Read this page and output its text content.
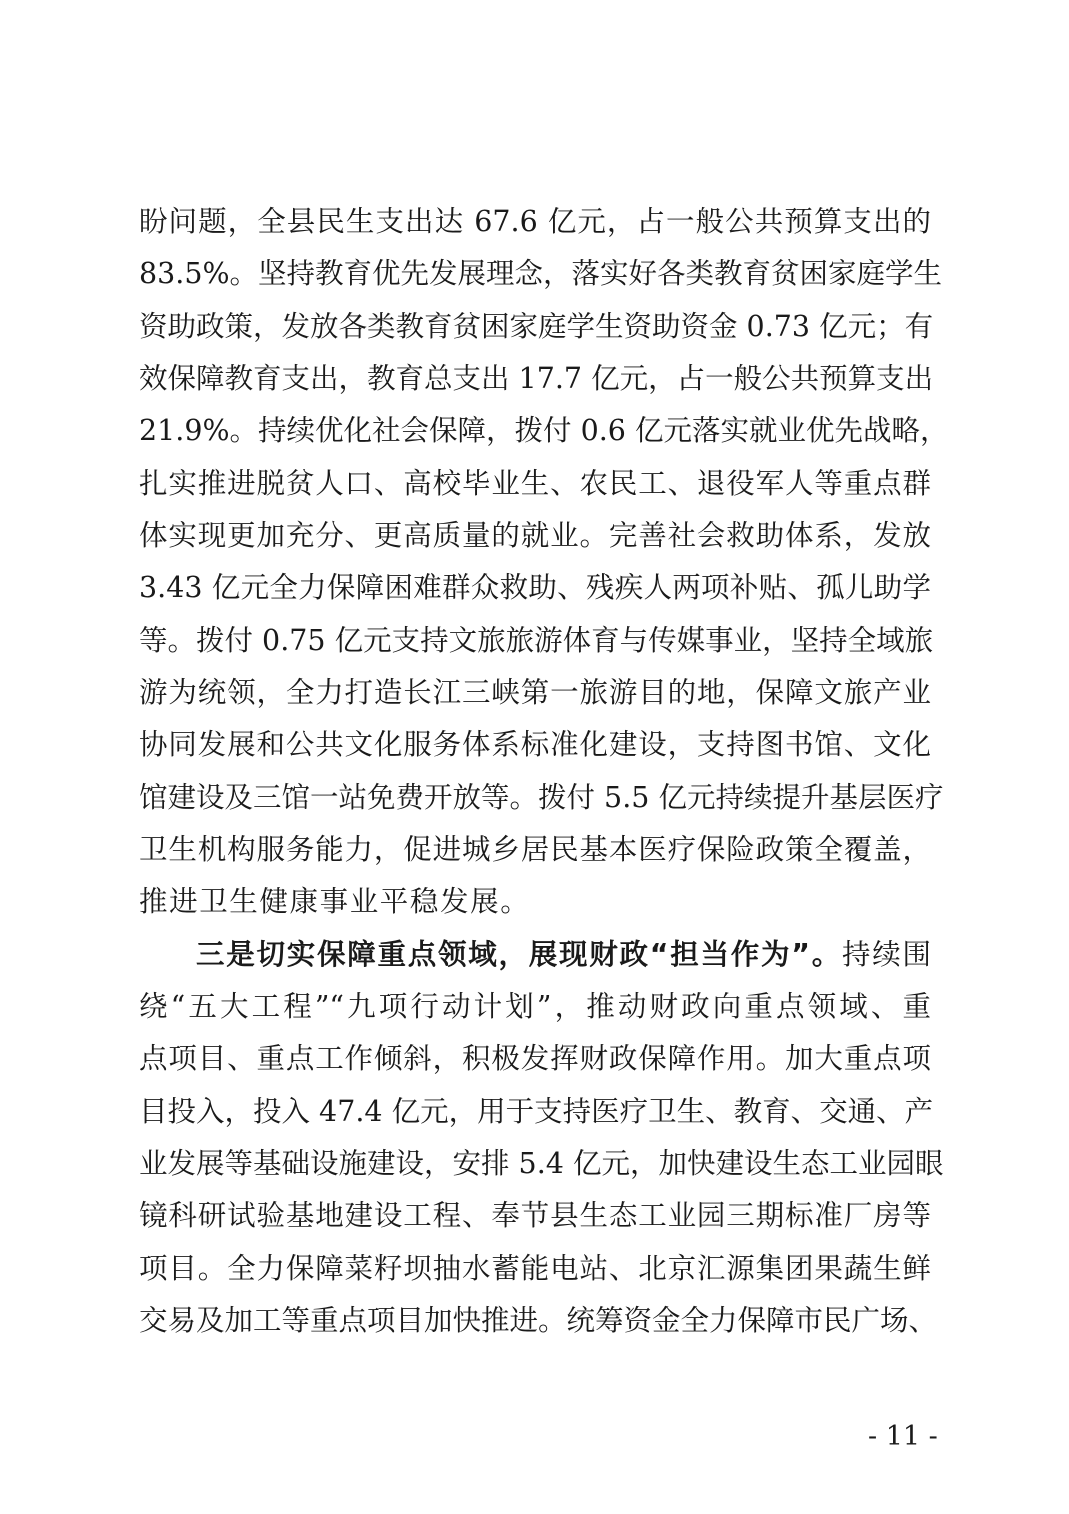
盼问题，全县民生支出达 67.6 亿元，占一般公共预算支出的
83.5%。坚持教育优先发展理念，落实好各类教育贫困家庭学生
资助政策，发放各类教育贫困家庭学生资助资金 0.73 亿元；有
效保障教育支出，教育总支出 17.7 亿元，占一般公共预算支出
21.9%。持续优化社会保障，拨付 0.6 亿元落实就业优先战略，
扎实推进脱贫人口、高校毕业生、农民工、退役军人等重点群
体实现更加充分、更高质量的就业。完善社会救助体系，发放
3.43 亿元全力保障困难群众救助、残疾人两项补贴、孤儿助学
等。拨付 0.75 亿元支持文旅旅游体育与传媒事业，坚持全域旅
游为统领，全力打造长江三峡第一旅游目的地，保障文旅产业
协同发展和公共文化服务体系标准化建设，支持图书馆、文化
馆建设及三馆一站免费开放等。拨付 5.5 亿元持续提升基层医疗
卫生机构服务能力，促进城乡居民基本医疗保险政策全覆盖，
推进卫生健康事业平稳发展。
三是切实保障重点领域，展现财政“担当作为”。持续围
绕“五大工程”“九项行动计划”，推动财政向重点领域、重
点项目、重点工作倾斜，积极发挥财政保障作用。加大重点项
目投入，投入 47.4 亿元，用于支持医疗卫生、教育、交通、产
业发展等基础设施建设，安排 5.4 亿元，加快建设生态工业园眼
镜科研试验基地建设工程、奉节县生态工业园三期标准厂房等
项目。全力保障菜籽坝抽水蓄能电站、北京汇源集团果蔬生鲜
交易及加工等重点项目加快推进。统筹资金全力保障市民广场、
- 11 -
